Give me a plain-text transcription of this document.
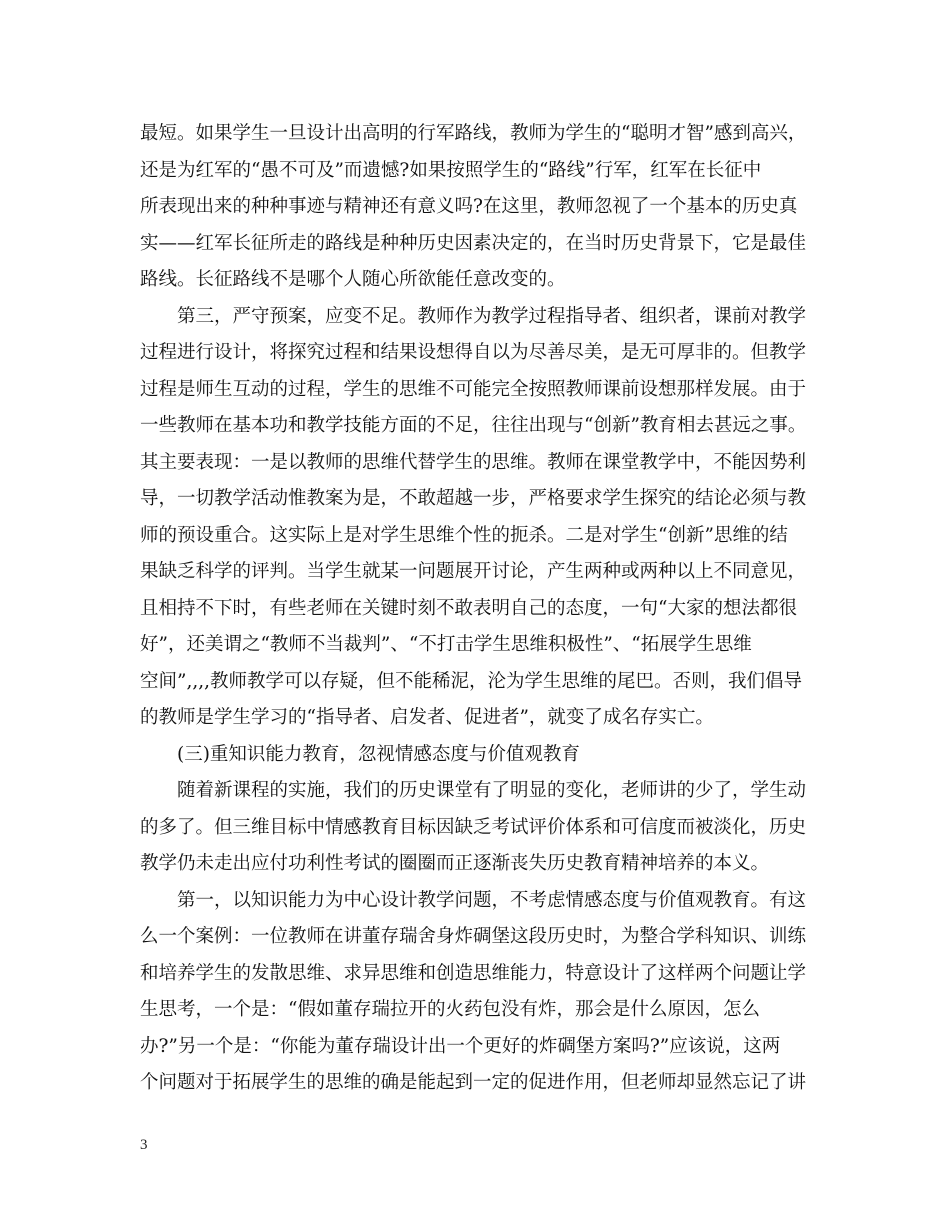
最短。如果学生一旦设计出高明的行军路线，教师为学生的“聪明才智”感到高兴，
还是为红军的“愚不可及”而遗憾?如果按照学生的“路线”行军，红军在长征中
所表现出来的种种事迹与精神还有意义吗?在这里，教师忽视了一个基本的历史真
实——红军长征所走的路线是种种历史因素决定的，在当时历史背景下，它是最佳
路线。长征路线不是哪个人随心所欲能任意改变的。
第三，严守预案，应变不足。教师作为教学过程指导者、组织者，课前对教学
过程进行设计，将探究过程和结果设想得自以为尽善尽美，是无可厚非的。但教学
过程是师生互动的过程，学生的思维不可能完全按照教师课前设想那样发展。由于
一些教师在基本功和教学技能方面的不足，往往出现与“创新”教育相去甚远之事。
其主要表现：一是以教师的思维代替学生的思维。教师在课堂教学中，不能因势利
导，一切教学活动惟教案为是，不敢超越一步，严格要求学生探究的结论必须与教
师的预设重合。这实际上是对学生思维个性的扼杀。二是对学生“创新”思维的结
果缺乏科学的评判。当学生就某一问题展开讨论，产生两种或两种以上不同意见，
且相持不下时，有些老师在关键时刻不敢表明自己的态度，一句“大家的想法都很
好”，还美谓之“教师不当裁判”、“不打击学生思维积极性”、“拓展学生思维
空间”,,,,教师教学可以存疑，但不能稀泥，沦为学生思维的尾巴。否则，我们倡导
的教师是学生学习的“指导者、启发者、促进者”，就变了成名存实亡。
(三)重知识能力教育，忽视情感态度与价值观教育
随着新课程的实施，我们的历史课堂有了明显的变化，老师讲的少了，学生动
的多了。但三维目标中情感教育目标因缺乏考试评价体系和可信度而被淡化，历史
教学仍未走出应付功利性考试的圈圈而正逐渐丧失历史教育精神培养的本义。
第一，以知识能力为中心设计教学问题，不考虑情感态度与价值观教育。有这
么一个案例：一位教师在讲董存瑞舍身炸碉堡这段历史时，为整合学科知识、训练
和培养学生的发散思维、求异思维和创造思维能力，特意设计了这样两个问题让学
生思考，一个是：“假如董存瑞拉开的火药包没有炸，那会是什么原因，怎么
办?”另一个是：“你能为董存瑞设计出一个更好的炸碉堡方案吗?”应该说，这两
个问题对于拓展学生的思维的确是能起到一定的促进作用，但老师却显然忘记了讲
3
